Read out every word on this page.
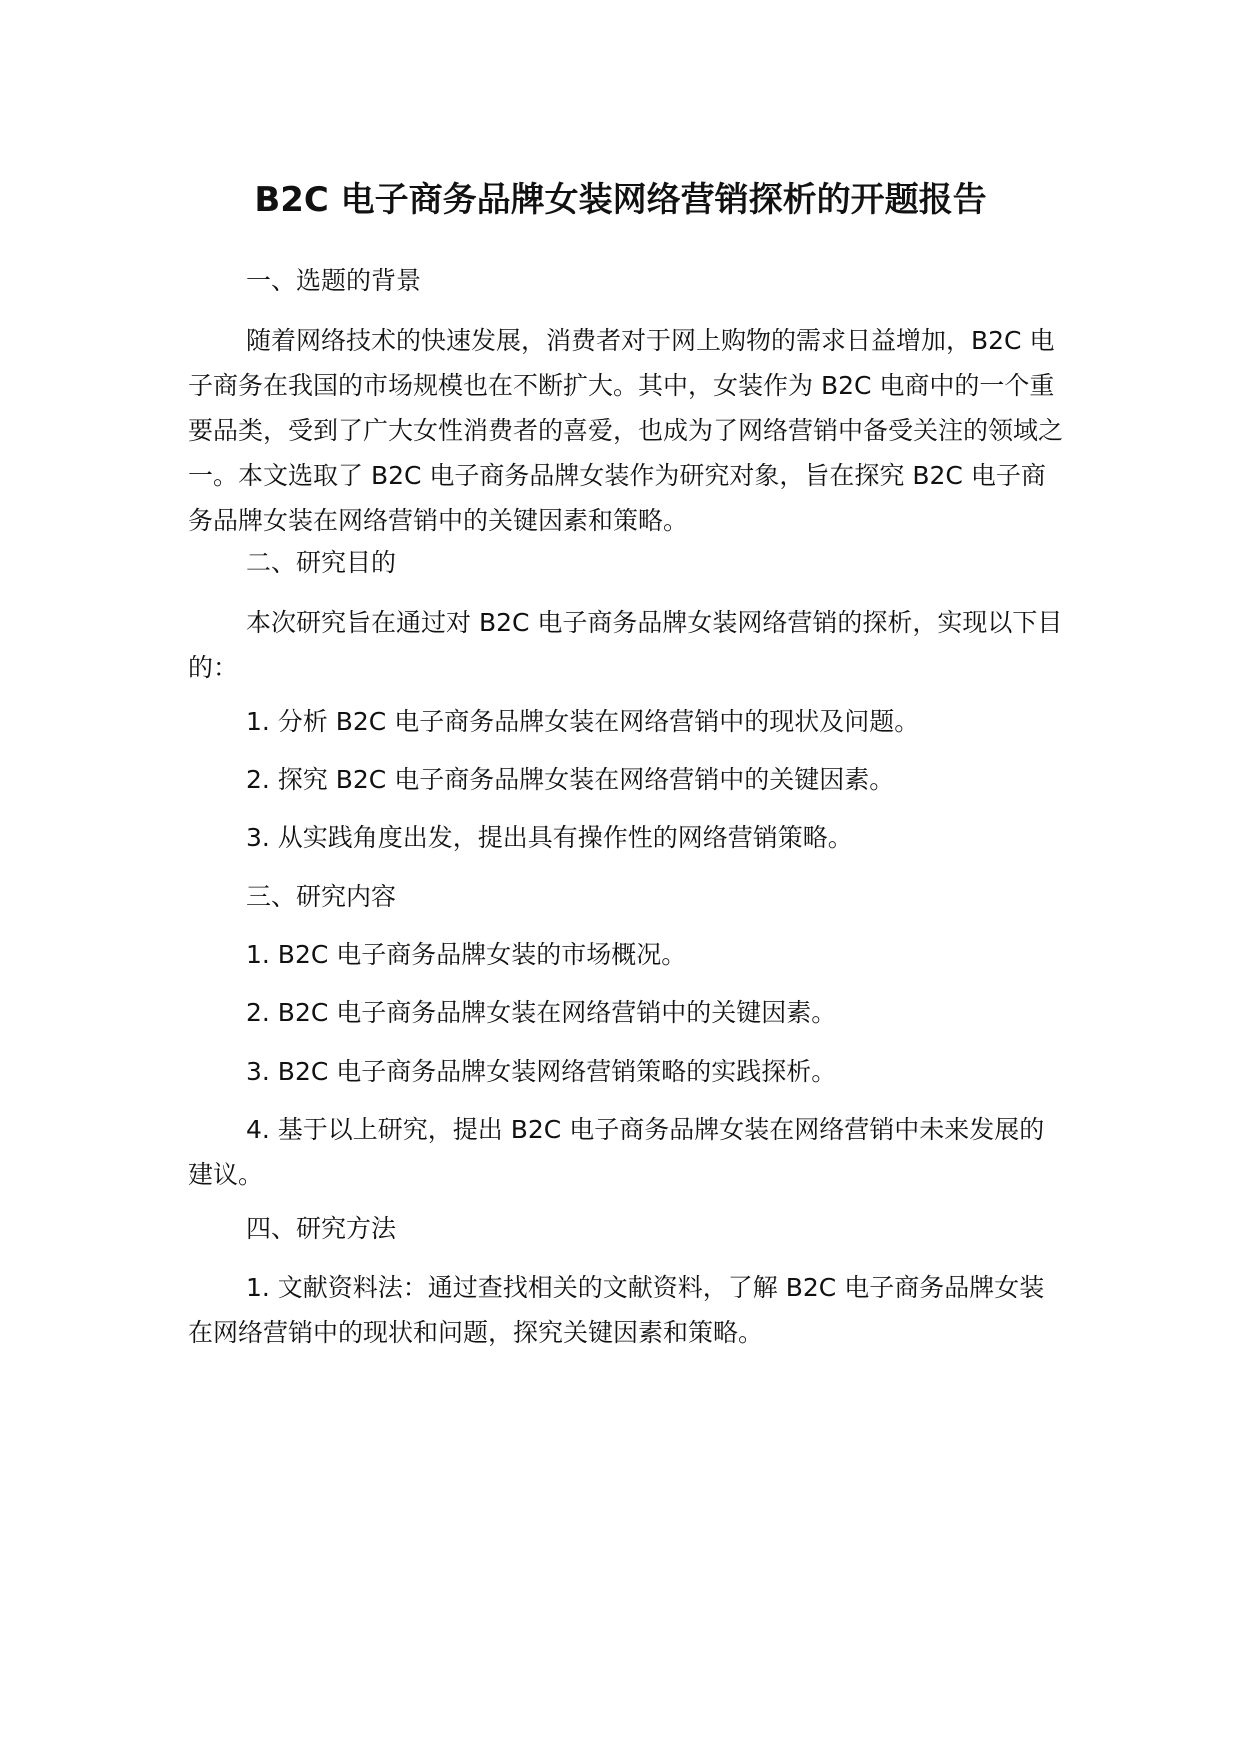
B2C 电子商务品牌女装网络营销探析的开题报告
一、选题的背景
随着网络技术的快速发展，消费者对于网上购物的需求日益增加，B2C 电子商务在我国的市场规模也在不断扩大。其中，女装作为 B2C 电商中的一个重要品类，受到了广大女性消费者的喜爱，也成为了网络营销中备受关注的领域之一。本文选取了 B2C 电子商务品牌女装作为研究对象，旨在探究 B2C 电子商务品牌女装在网络营销中的关键因素和策略。
二、研究目的
本次研究旨在通过对 B2C 电子商务品牌女装网络营销的探析，实现以下目的：
1. 分析 B2C 电子商务品牌女装在网络营销中的现状及问题。
2. 探究 B2C 电子商务品牌女装在网络营销中的关键因素。
3. 从实践角度出发，提出具有操作性的网络营销策略。
三、研究内容
1. B2C 电子商务品牌女装的市场概况。
2. B2C 电子商务品牌女装在网络营销中的关键因素。
3. B2C 电子商务品牌女装网络营销策略的实践探析。
4. 基于以上研究，提出 B2C 电子商务品牌女装在网络营销中未来发展的建议。
四、研究方法
1. 文献资料法：通过查找相关的文献资料，了解 B2C 电子商务品牌女装在网络营销中的现状和问题，探究关键因素和策略。
